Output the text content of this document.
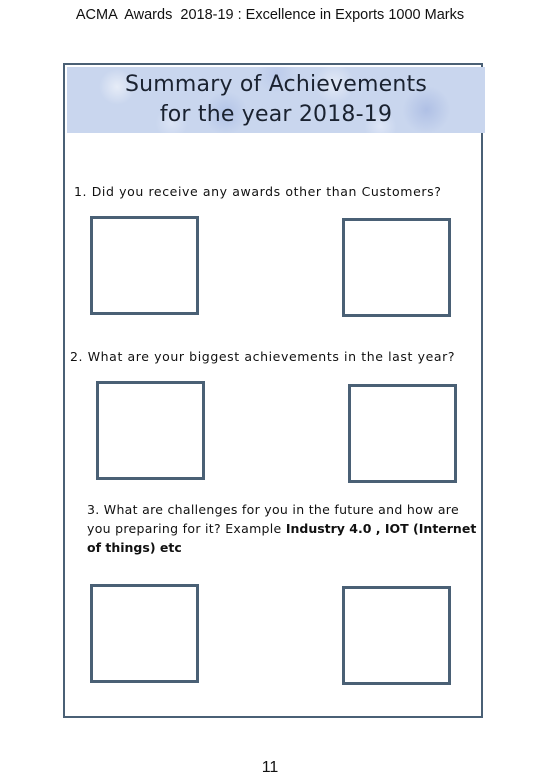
ACMA  Awards  2018-19 : Excellence in Exports 1000 Marks
Summary of Achievements
for the year 2018-19
1. Did you receive any awards other than Customers?
2. What are your biggest achievements in the last year?
3. What are challenges for you in the future and how are you preparing for it? Example Industry 4.0 , IOT (Internet of things) etc
11
